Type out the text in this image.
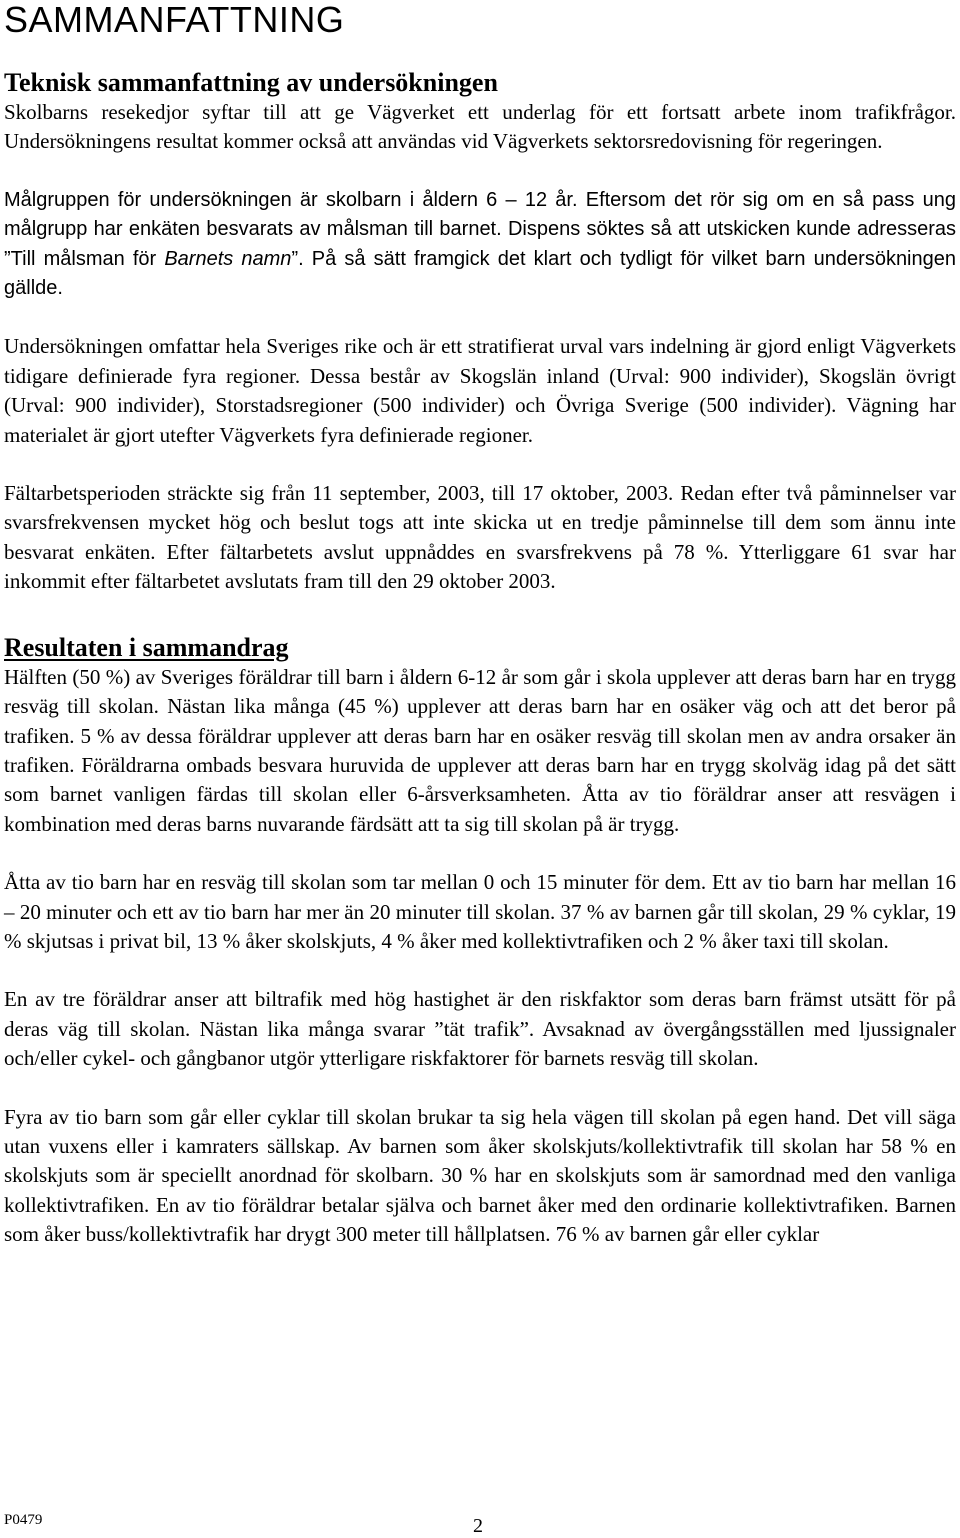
SAMMANFATTNING
Teknisk sammanfattning av undersökningen

Skolbarns resekedjor syftar till att ge Vägverket ett underlag för ett fortsatt arbete inom trafikfrågor. Undersökningens resultat kommer också att användas vid Vägverkets sektorsredovisning för regeringen.

Målgruppen för undersökningen är skolbarn i åldern 6 – 12 år. Eftersom det rör sig om en så pass ung målgrupp har enkäten besvarats av målsman till barnet. Dispens söktes så att utskicken kunde adresseras ”Till målsman för Barnets namn”. På så sätt framgick det klart och tydligt för vilket barn undersökningen gällde.

Undersökningen omfattar hela Sveriges rike och är ett stratifierat urval vars indelning är gjord enligt Vägverkets tidigare definierade fyra regioner. Dessa består av Skogslän inland (Urval: 900 individer), Skogslän övrigt (Urval: 900 individer), Storstadsregioner (500 individer) och Övriga Sverige (500 individer). Vägning har materialet är gjort utefter Vägverkets fyra definierade regioner.

Fältarbetsperioden sträckte sig från 11 september, 2003, till 17 oktober, 2003. Redan efter två påminnelser var svarsfrekvensen mycket hög och beslut togs att inte skicka ut en tredje påminnelse till dem som ännu inte besvarat enkäten. Efter fältarbetets avslut uppnåddes en svarsfrekvens på 78 %. Ytterliggare 61 svar har inkommit efter fältarbetet avslutats fram till den 29 oktober 2003.

Resultaten i sammandrag

Hälften (50 %) av Sveriges föräldrar till barn i åldern 6-12 år som går i skola upplever att deras barn har en trygg resväg till skolan. Nästan lika många (45 %) upplever att deras barn har en osäker väg och att det beror på trafiken. 5 % av dessa föräldrar upplever att deras barn har en osäker resväg till skolan men av andra orsaker än trafiken. Föräldrarna ombads besvara huruvida de upplever att deras barn har en trygg skolväg idag på det sätt som barnet vanligen färdas till skolan eller 6-årsverksamheten. Åtta av tio föräldrar anser att resvägen i kombination med deras barns nuvarande färdsätt att ta sig till skolan på är trygg.

Åtta av tio barn har en resväg till skolan som tar mellan 0 och 15 minuter för dem. Ett av tio barn har mellan 16 – 20 minuter och ett av tio barn har mer än 20 minuter till skolan. 37 % av barnen går till skolan, 29 % cyklar, 19 % skjutsas i privat bil, 13 % åker skolskjuts, 4 % åker med kollektivtrafiken och 2 % åker taxi till skolan.

En av tre föräldrar anser att biltrafik med hög hastighet är den riskfaktor som deras barn främst utsätt för på deras väg till skolan. Nästan lika många svarar ”tät trafik”. Avsaknad av övergångsställen med ljussignaler och/eller cykel- och gångbanor utgör ytterligare riskfaktorer för barnets resväg till skolan.

Fyra av tio barn som går eller cyklar till skolan brukar ta sig hela vägen till skolan på egen hand. Det vill säga utan vuxens eller i kamraters sällskap. Av barnen som åker skolskjuts/kollektivtrafik till skolan har 58 % en skolskjuts som är speciellt anordnad för skolbarn. 30 % har en skolskjuts som är samordnad med den vanliga kollektivtrafiken. En av tio föräldrar betalar själva och barnet åker med den ordinarie kollektivtrafiken. Barnen som åker buss/kollektivtrafik har drygt 300 meter till hållplatsen. 76 % av barnen går eller cyklar

P0479	2
